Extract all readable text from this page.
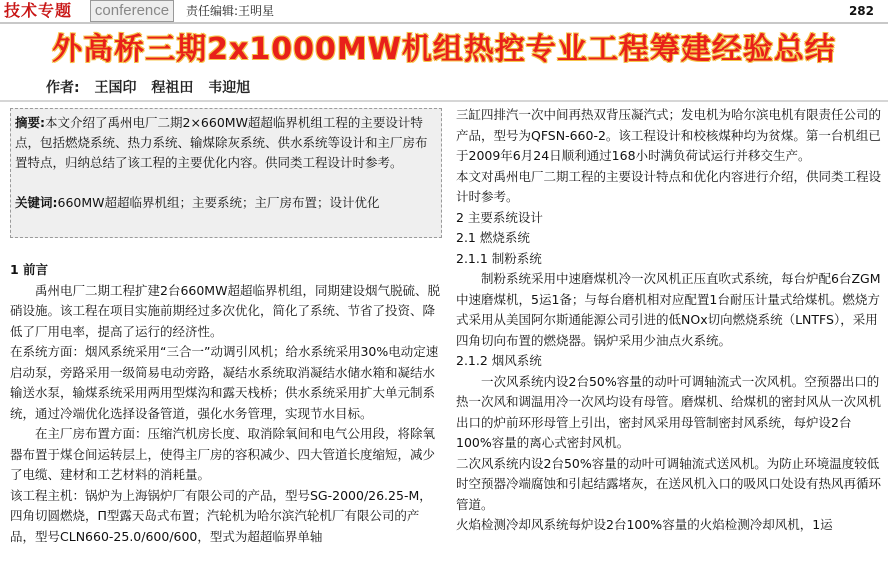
技术专题	conference	责任编辑:王明星	282
外高桥三期2x1000MW机组热控专业工程筹建经验总结
作者: 王国印 程祖田 韦迎旭
摘要:本文介绍了禹州电厂二期2×660MW超超临界机组工程的主要设计特点，包括燃烧系统、热力系统、输煤除灰系统、供水系统等设计和主厂房布置特点，归纳总结了该工程的主要优化内容。供同类工程设计时参考。
关键词:660MW超超临界机组；主要系统；主厂房布置；设计优化

1 前言

禹州电厂二期工程扩建2台660MW超超临界机组，同期建设烟气脱硫、脱硝设施。该工程在项目实施前期经过多次优化，简化了系统、节省了投资、降低了厂用电率，提高了运行的经济性。

在系统方面：烟风系统采用“三合一”动调引风机；给水系统采用30%电动定速启动泵，旁路采用一级简易电动旁路，凝结水系统取消凝结水储水箱和凝结水输送水泵，输煤系统采用两用型煤沟和露天栈桥；供水系统采用扩大单元制系统，通过冷端优化选择设备管道，强化水务管理，实现节水目标。

在主厂房布置方面：压缩汽机房长度、取消除氧间和电气公用段，将除氧器布置于煤仓间运转层上，使得主厂房的容积减少、四大管道长度缩短，减少了电缆、建材和工艺材料的消耗量。

该工程主机：锅炉为上海锅炉厂有限公司的产品，型号SG-2000/26.25-M，四角切圆燃烧，Π型露天岛式布置；汽轮机为哈尔滨汽轮机厂有限公司的产品，型号CLN660-25.0/600/600，型式为超超临界单轴

三缸四排汽一次中间再热双背压凝汽式；发电机为哈尔滨电机有限责任公司的产品，型号为QFSN-660-2。该工程设计和校核煤种均为贫煤。第一台机组已于2009年6月24日顺利通过168小时满负荷试运行并移交生产。

本文对禹州电厂二期工程的主要设计特点和优化内容进行介绍，供同类工程设计时参考。

2 主要系统设计

2.1 燃烧系统

2.1.1 制粉系统

制粉系统采用中速磨煤机冷一次风机正压直吹式系统，每台炉配6台ZGM中速磨煤机，5运1备；与每台磨机相对应配置1台耐压计量式给煤机。燃烧方式采用从美国阿尔斯通能源公司引进的低NOx切向燃烧系统（LNTFS），采用四角切向布置的燃烧器。锅炉采用少油点火系统。

2.1.2 烟风系统

一次风系统内设2台50%容量的动叶可调轴流式一次风机。空预器出口的热一次风和调温用冷一次风均设有母管。磨煤机、给煤机的密封风从一次风机出口的炉前环形母管上引出，密封风采用母管制密封风系统，每炉设2台100%容量的离心式密封风机。

二次风系统内设2台50%容量的动叶可调轴流式送风机。为防止环境温度较低时空预器冷端腐蚀和引起结露堵灰，在送风机入口的吸风口处设有热风再循环管道。

火焰检测冷却风系统每炉设2台100%容量的火焰检测冷却风机，1运
